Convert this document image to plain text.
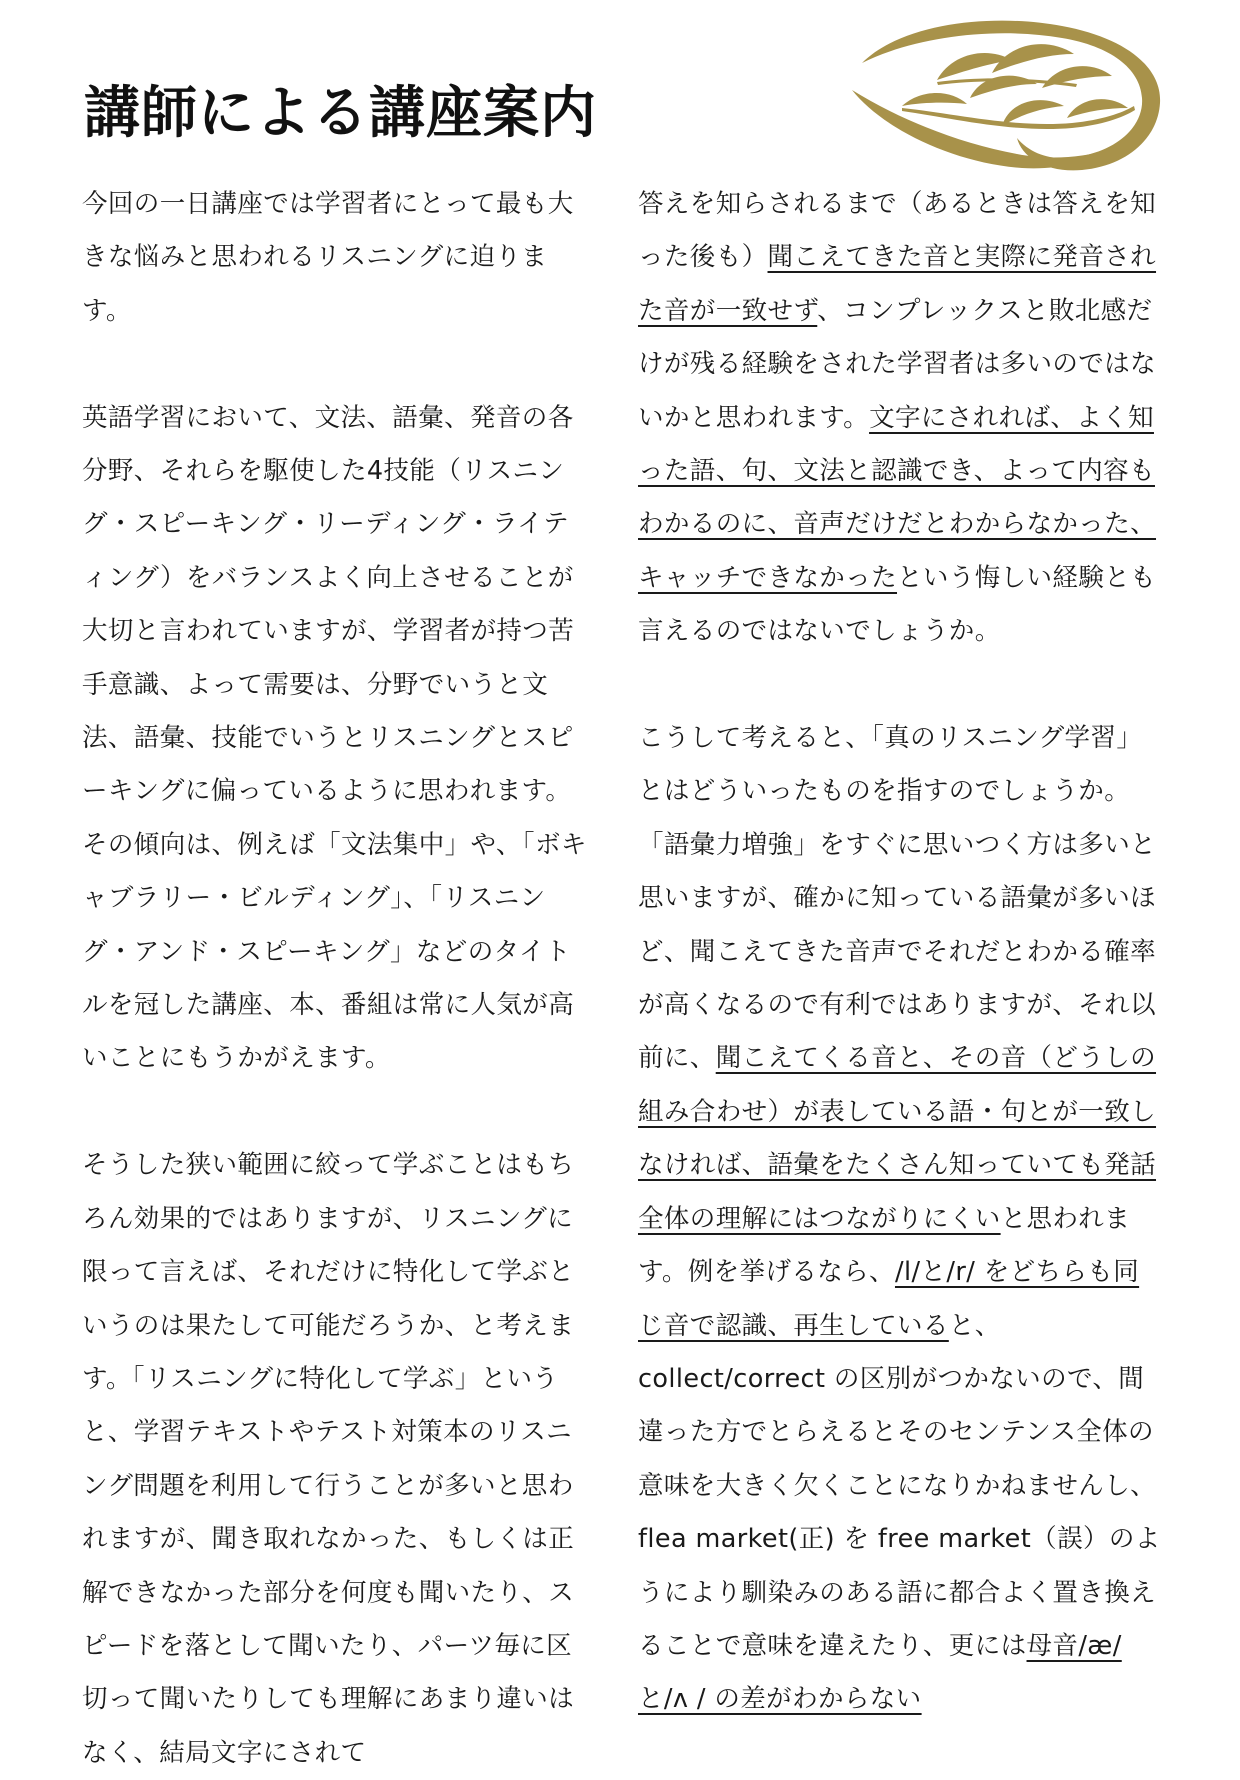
講師による講座案内

今回の一日講座では学習者にとって最も大きな悩みと思われるリスニングに迫ります。

英語学習において、文法、語彙、発音の各分野、それらを駆使した4技能（リスニング・スピーキング・リーディング・ライティング）をバランスよく向上させることが大切と言われていますが、学習者が持つ苦手意識、よって需要は、分野でいうと文法、語彙、技能でいうとリスニングとスピーキングに偏っているように思われます。その傾向は、例えば「文法集中」や、「ボキャブラリー・ビルディング」、「リスニング・アンド・スピーキング」などのタイトルを冠した講座、本、番組は常に人気が高いことにもうかがえます。

そうした狭い範囲に絞って学ぶことはもちろん効果的ではありますが、リスニングに限って言えば、それだけに特化して学ぶというのは果たして可能だろうか、と考えます。「リスニングに特化して学ぶ」というと、学習テキストやテスト対策本のリスニング問題を利用して行うことが多いと思われますが、聞き取れなかった、もしくは正解できなかった部分を何度も聞いたり、スピードを落として聞いたり、パーツ毎に区切って聞いたりしても理解にあまり違いはなく、結局文字にされて

答えを知らされるまで（あるときは答えを知った後も）聞こえてきた音と実際に発音された音が一致せず、コンプレックスと敗北感だけが残る経験をされた学習者は多いのではないかと思われます。文字にされれば、よく知った語、句、文法と認識でき、よって内容もわかるのに、音声だけだとわからなかった、キャッチできなかったという悔しい経験とも言えるのではないでしょうか。

こうして考えると、「真のリスニング学習」とはどういったものを指すのでしょうか。「語彙力増強」をすぐに思いつく方は多いと思いますが、確かに知っている語彙が多いほど、聞こえてきた音声でそれだとわかる確率が高くなるので有利ではありますが、それ以前に、聞こえてくる音と、その音（どうしの組み合わせ）が表している語・句とが一致しなければ、語彙をたくさん知っていても発話全体の理解にはつながりにくいと思われます。例を挙げるなら、/l/と/r/ をどちらも同じ音で認識、再生していると、collect/correct の区別がつかないので、間違った方でとらえるとそのセンテンス全体の意味を大きく欠くことになりかねませんし、flea market(正) を free market（誤）のようにより馴染みのある語に都合よく置き換えることで意味を違えたり、更には母音/æ/ と/ʌ / の差がわからない
